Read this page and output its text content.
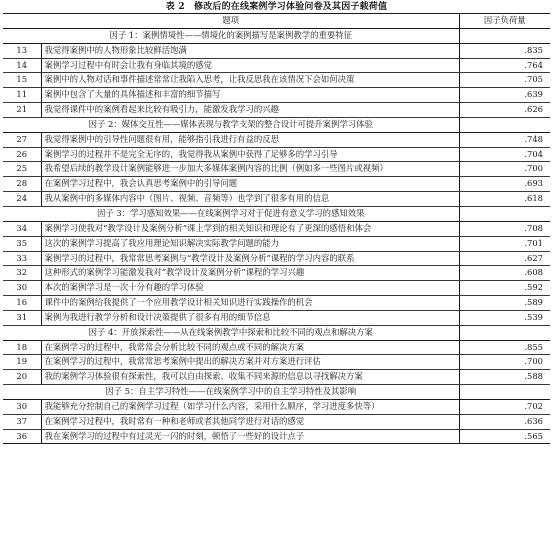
表 2　修改后的在线案例学习体验问卷及其因子载荷值
题项		因子负荷量
因子 1：案例情境性——情境化的案例描写是案例教学的重要特征		
13	我觉得案例中的人物形象比较鲜活饱满	.835
14	案例学习过程中有时会让我有身临其境的感觉	.764
15	案例中的人物对话和事件描述常常让我陷入思考，让我反思我在该情况下会如何决策	.705
11	案例中包含了大量的具体描述和丰富的细节描写	.639
21	我觉得课件中的案例看起来比较有吸引力，能激发我学习的兴趣	.626
因子 2：媒体交互性——媒体表现与教学支架的整合设计可提升案例学习体验		
27	我觉得案例中的引导性问题很有用，能够指引我进行有益的反思	.748
26	案例学习的过程并不是完全无序的，我觉得我从案例中获得了足够多的学习引导	.704
25	我希望后续的教学设计案例能够进一步加大多媒体案例内容的比例（例如多一些图片或视频）	.700
28	在案例学习过程中，我会认真思考案例中的引导问题	.693
24	我从案例中的多媒体内容中（图片、视频、音频等）也学到了很多有用的信息	.618
因子 3：学习感知效果——在线案例学习对于促进有意义学习的感知效果		
34	案例学习使我对“教学设计及案例分析”课上学到的相关知识和理论有了更深的感悟和体会	.708
35	这次的案例学习提高了我应用理论知识解决实际教学问题的能力	.701
33	案例学习的过程中，我常常思考案例与“教学设计及案例分析”课程的学习内容的联系	.627
32	这种形式的案例学习能激发我对“教学设计及案例分析”课程的学习兴趣	.608
30	本次的案例学习是一次十分有趣的学习体验	.592
16	课件中的案例给我提供了一个应用教学设计相关知识进行实践操作的机会	.589
31	案例为我进行教学分析和设计决策提供了很多有用的细节信息	.539
因子 4：开放探索性——从在线案例教学中探索和比较不同的观点和解决方案		
18	在案例学习的过程中，我常常会分析比较不同的观点或不同的解决方案	.855
19	在案例学习的过程中，我常常思考案例中提出的解决方案并对方案进行评估	.700
20	我的案例学习体验很有探索性，我可以自由探索、收集不同来源的信息以寻找解决方案	.588
因子 5：自主学习特性——在线案例学习中的自主学习特性及其影响		
30	我能够充分控制自己的案例学习过程（如学习什么内容，采用什么顺序，学习进度多快等）	.702
37	在案例学习过程中，我时常有一种和老师或者其他同学进行对话的感觉	.636
36	我在案例学习的过程中有过灵光一闪的时刻，顿悟了一些好的设计点子	.565
